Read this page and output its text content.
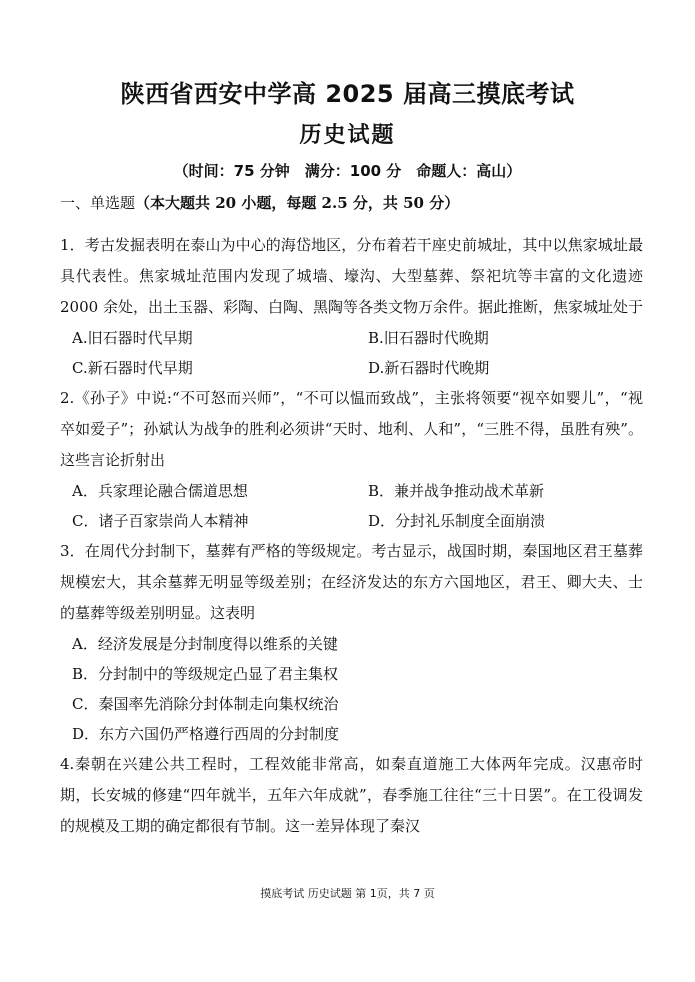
陕西省西安中学高 2025 届高三摸底考试
历史试题
（时间：75 分钟　满分：100 分　命题人：高山）
一、单选题（本大题共 20 小题，每题 2.5 分，共 50 分）

1．考古发掘表明在泰山为中心的海岱地区，分布着若干座史前城址，其中以焦家城址最具代表性。焦家城址范围内发现了城墙、壕沟、大型墓葬、祭祀坑等丰富的文化遗迹 2000 余处，出土玉器、彩陶、白陶、黑陶等各类文物万余件。据此推断，焦家城址处于

A.旧石器时代早期	B.旧石器时代晚期
C.新石器时代早期	D.新石器时代晚期

2.《孙子》中说:“不可怒而兴师”，“不可以愠而致战”，主张将领要“视卒如婴儿”，“视卒如爱子”；孙斌认为战争的胜利必须讲“天时、地利、人和”，“三胜不得，虽胜有殃”。这些言论折射出

A．兵家理论融合儒道思想	B．兼并战争推动战术革新
C．诸子百家崇尚人本精神	D．分封礼乐制度全面崩溃

3．在周代分封制下，墓葬有严格的等级规定。考古显示，战国时期，秦国地区君王墓葬规模宏大，其余墓葬无明显等级差别；在经济发达的东方六国地区，君王、卿大夫、士的墓葬等级差别明显。这表明

A．经济发展是分封制度得以维系的关键
B．分封制中的等级规定凸显了君主集权
C．秦国率先消除分封体制走向集权统治
D．东方六国仍严格遵行西周的分封制度

4.秦朝在兴建公共工程时，工程效能非常高，如秦直道施工大体两年完成。汉惠帝时期，长安城的修建“四年就半，五年六年成就”，春季施工往往“三十日罢”。在工役调发的规模及工期的确定都很有节制。这一差异体现了秦汉

摸底考试 历史试题 第 1页，共 7 页
